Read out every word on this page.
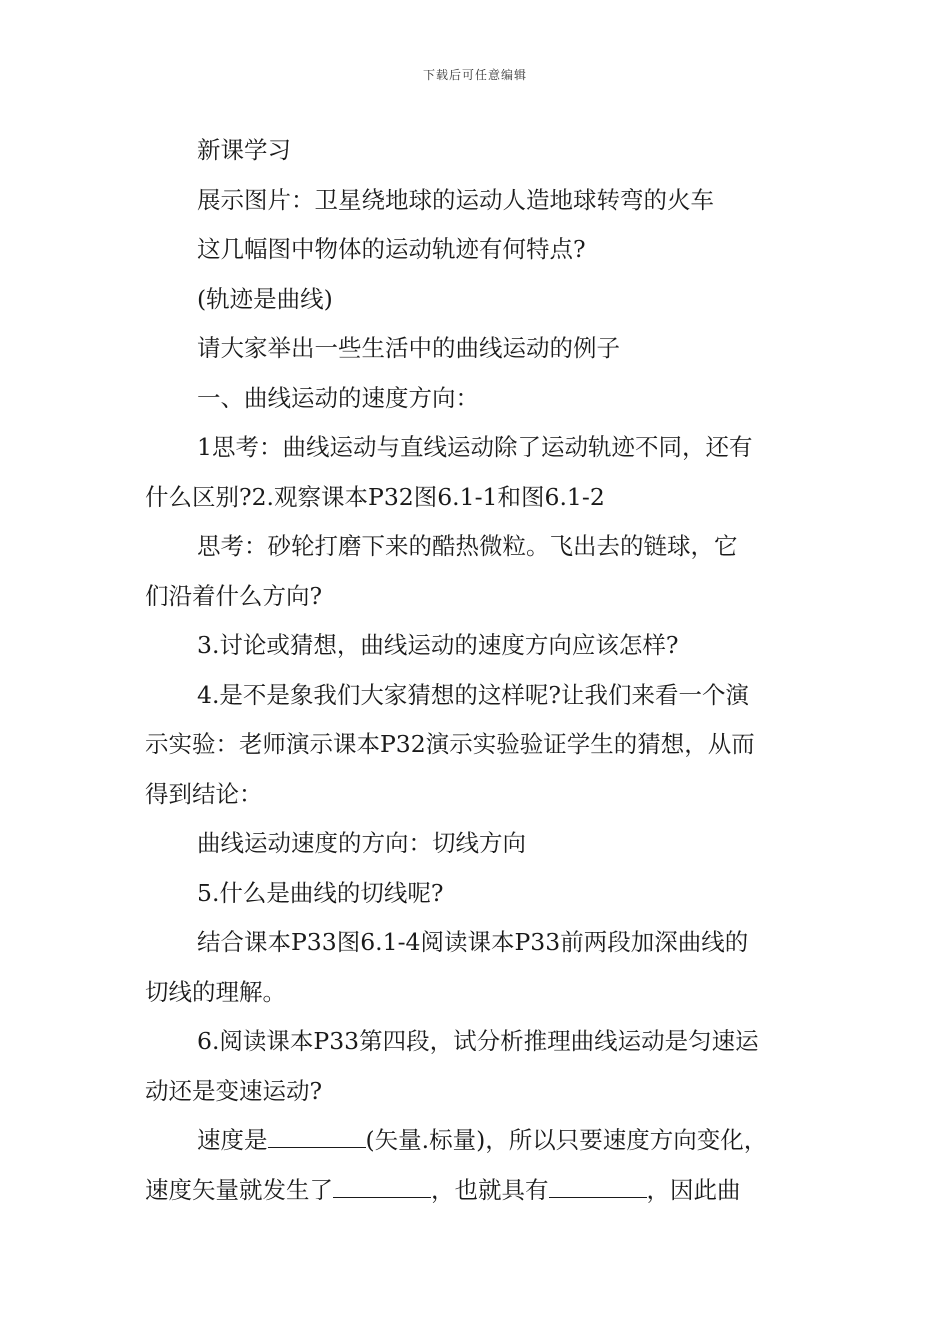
下载后可任意编辑

新课学习

展示图片：卫星绕地球的运动人造地球转弯的火车

这几幅图中物体的运动轨迹有何特点?

(轨迹是曲线)

请大家举出一些生活中的曲线运动的例子

一、曲线运动的速度方向：

1思考：曲线运动与直线运动除了运动轨迹不同，还有

什么区别?2.观察课本P32图6.1-1和图6.1-2

思考：砂轮打磨下来的酷热微粒。飞出去的链球，它

们沿着什么方向?

3.讨论或猜想，曲线运动的速度方向应该怎样?

4.是不是象我们大家猜想的这样呢?让我们来看一个演

示实验：老师演示课本P32演示实验验证学生的猜想，从而

得到结论：

曲线运动速度的方向：切线方向

5.什么是曲线的切线呢?

结合课本P33图6.1-4阅读课本P33前两段加深曲线的

切线的理解。

6.阅读课本P33第四段，试分析推理曲线运动是匀速运

动还是变速运动?

速度是	(矢量.标量)，所以只要速度方向变化，

速度矢量就发生了	，也就具有	，因此曲
